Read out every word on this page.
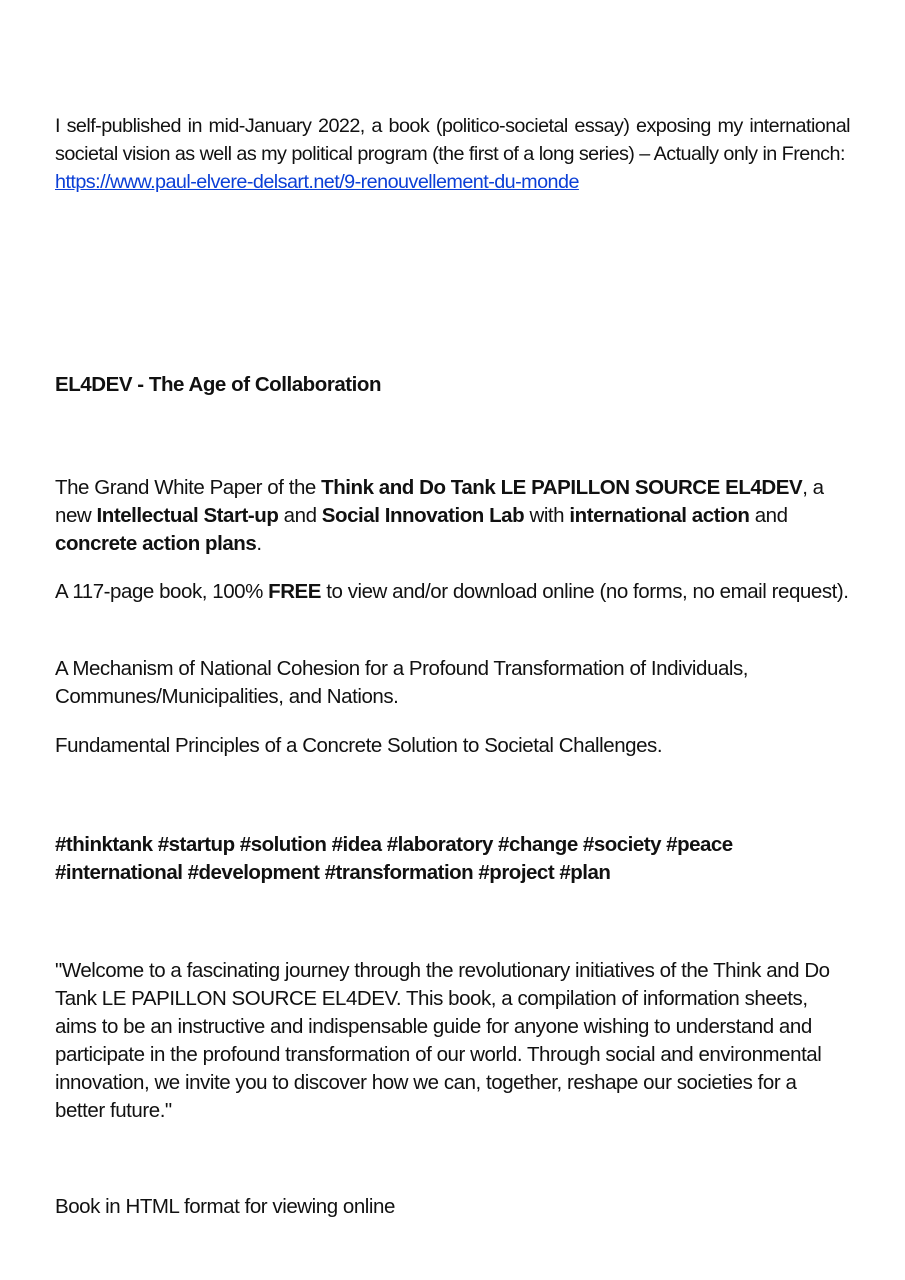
I self-published in mid-January 2022, a book (politico-societal essay) exposing my international societal vision as well as my political program (the first of a long series) – Actually only in French:
https://www.paul-elvere-delsart.net/9-renouvellement-du-monde
EL4DEV - The Age of Collaboration
The Grand White Paper of the Think and Do Tank LE PAPILLON SOURCE EL4DEV, a new Intellectual Start-up and Social Innovation Lab with international action and concrete action plans.
A 117-page book, 100% FREE to view and/or download online (no forms, no email request).
A Mechanism of National Cohesion for a Profound Transformation of Individuals, Communes/Municipalities, and Nations.
Fundamental Principles of a Concrete Solution to Societal Challenges.
#thinktank #startup #solution #idea #laboratory #change #society #peace
#international #development #transformation #project #plan
"Welcome to a fascinating journey through the revolutionary initiatives of the Think and Do Tank LE PAPILLON SOURCE EL4DEV. This book, a compilation of information sheets, aims to be an instructive and indispensable guide for anyone wishing to understand and participate in the profound transformation of our world. Through social and environmental innovation, we invite you to discover how we can, together, reshape our societies for a better future."
Book in HTML format for viewing online
